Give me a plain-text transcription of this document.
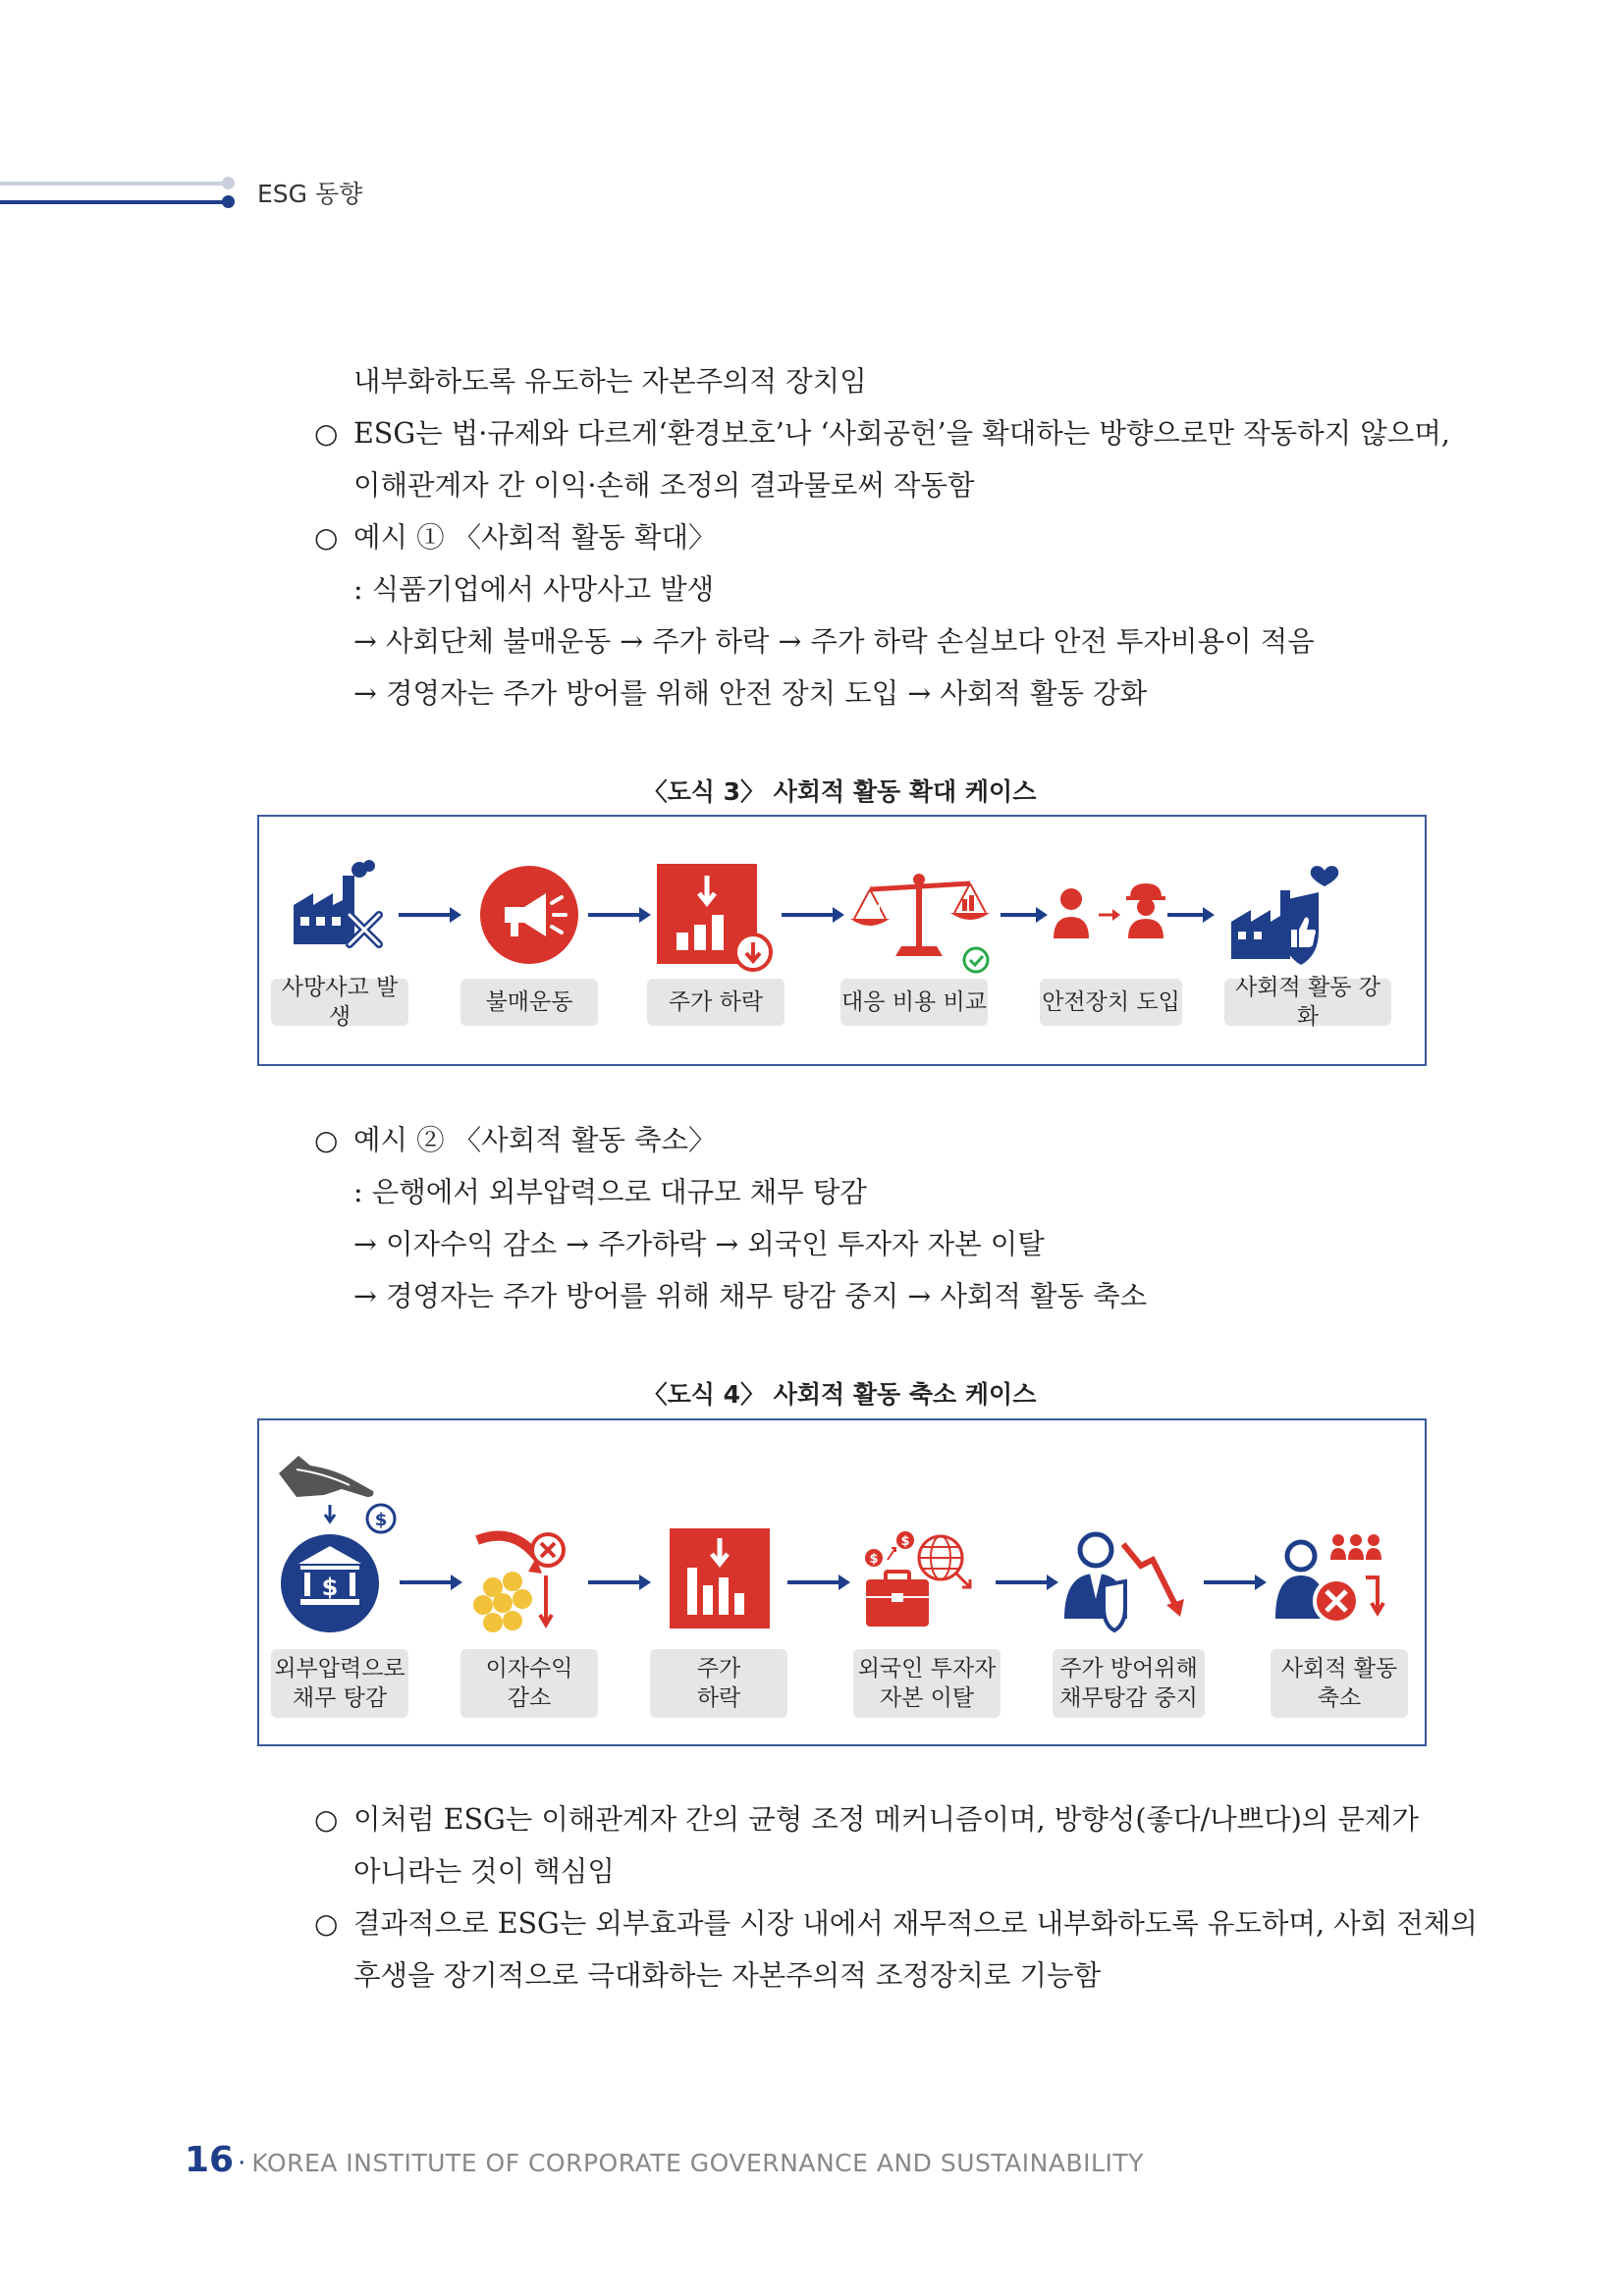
ESG 동향
내부화하도록 유도하는 자본주의적 장치임
○ ESG는 법·규제와 다르게‘환경보호’나 ‘사회공헌’을 확대하는 방향으로만 작동하지 않으며,
이해관계자 간 이익·손해 조정의 결과물로써 작동함
○ 예시 ① 〈사회적 활동 확대〉
: 식품기업에서 사망사고 발생
→ 사회단체 불매운동 → 주가 하락 → 주가 하락 손실보다 안전 투자비용이 적음
→ 경영자는 주가 방어를 위해 안전 장치 도입 → 사회적 활동 강화
〈도식 3〉 사회적 활동 확대 케이스
사망사고 발생
불매운동	주가 하락	대응 비용 비교 안전장치 도입
사회적 활동 강화
○ 예시 ② 〈사회적 활동 축소〉
: 은행에서 외부압력으로 대규모 채무 탕감
→ 이자수익 감소 → 주가하락 → 외국인 투자자 자본 이탈
→ 경영자는 주가 방어를 위해 채무 탕감 중지 → 사회적 활동 축소
〈도식 4〉 사회적 활동 축소 케이스
$
$
외부압력으로
채무 탕감
이자수익
감소
주가
하락
$
$
외국인 투자자
자본 이탈
주가 방어위해
채무탕감 중지
사회적 활동
축소
○ 이처럼 ESG는 이해관계자 간의 균형 조정 메커니즘이며, 방향성(좋다/나쁘다)의 문제가
아니라는 것이 핵심임
○ 결과적으로 ESG는 외부효과를 시장 내에서 재무적으로 내부화하도록 유도하며, 사회 전체의
후생을 장기적으로 극대화하는 자본주의적 조정장치로 기능함
16 · KOREA INSTITUTE OF CORPORATE GOVERNANCE AND SUSTAINABILITY
